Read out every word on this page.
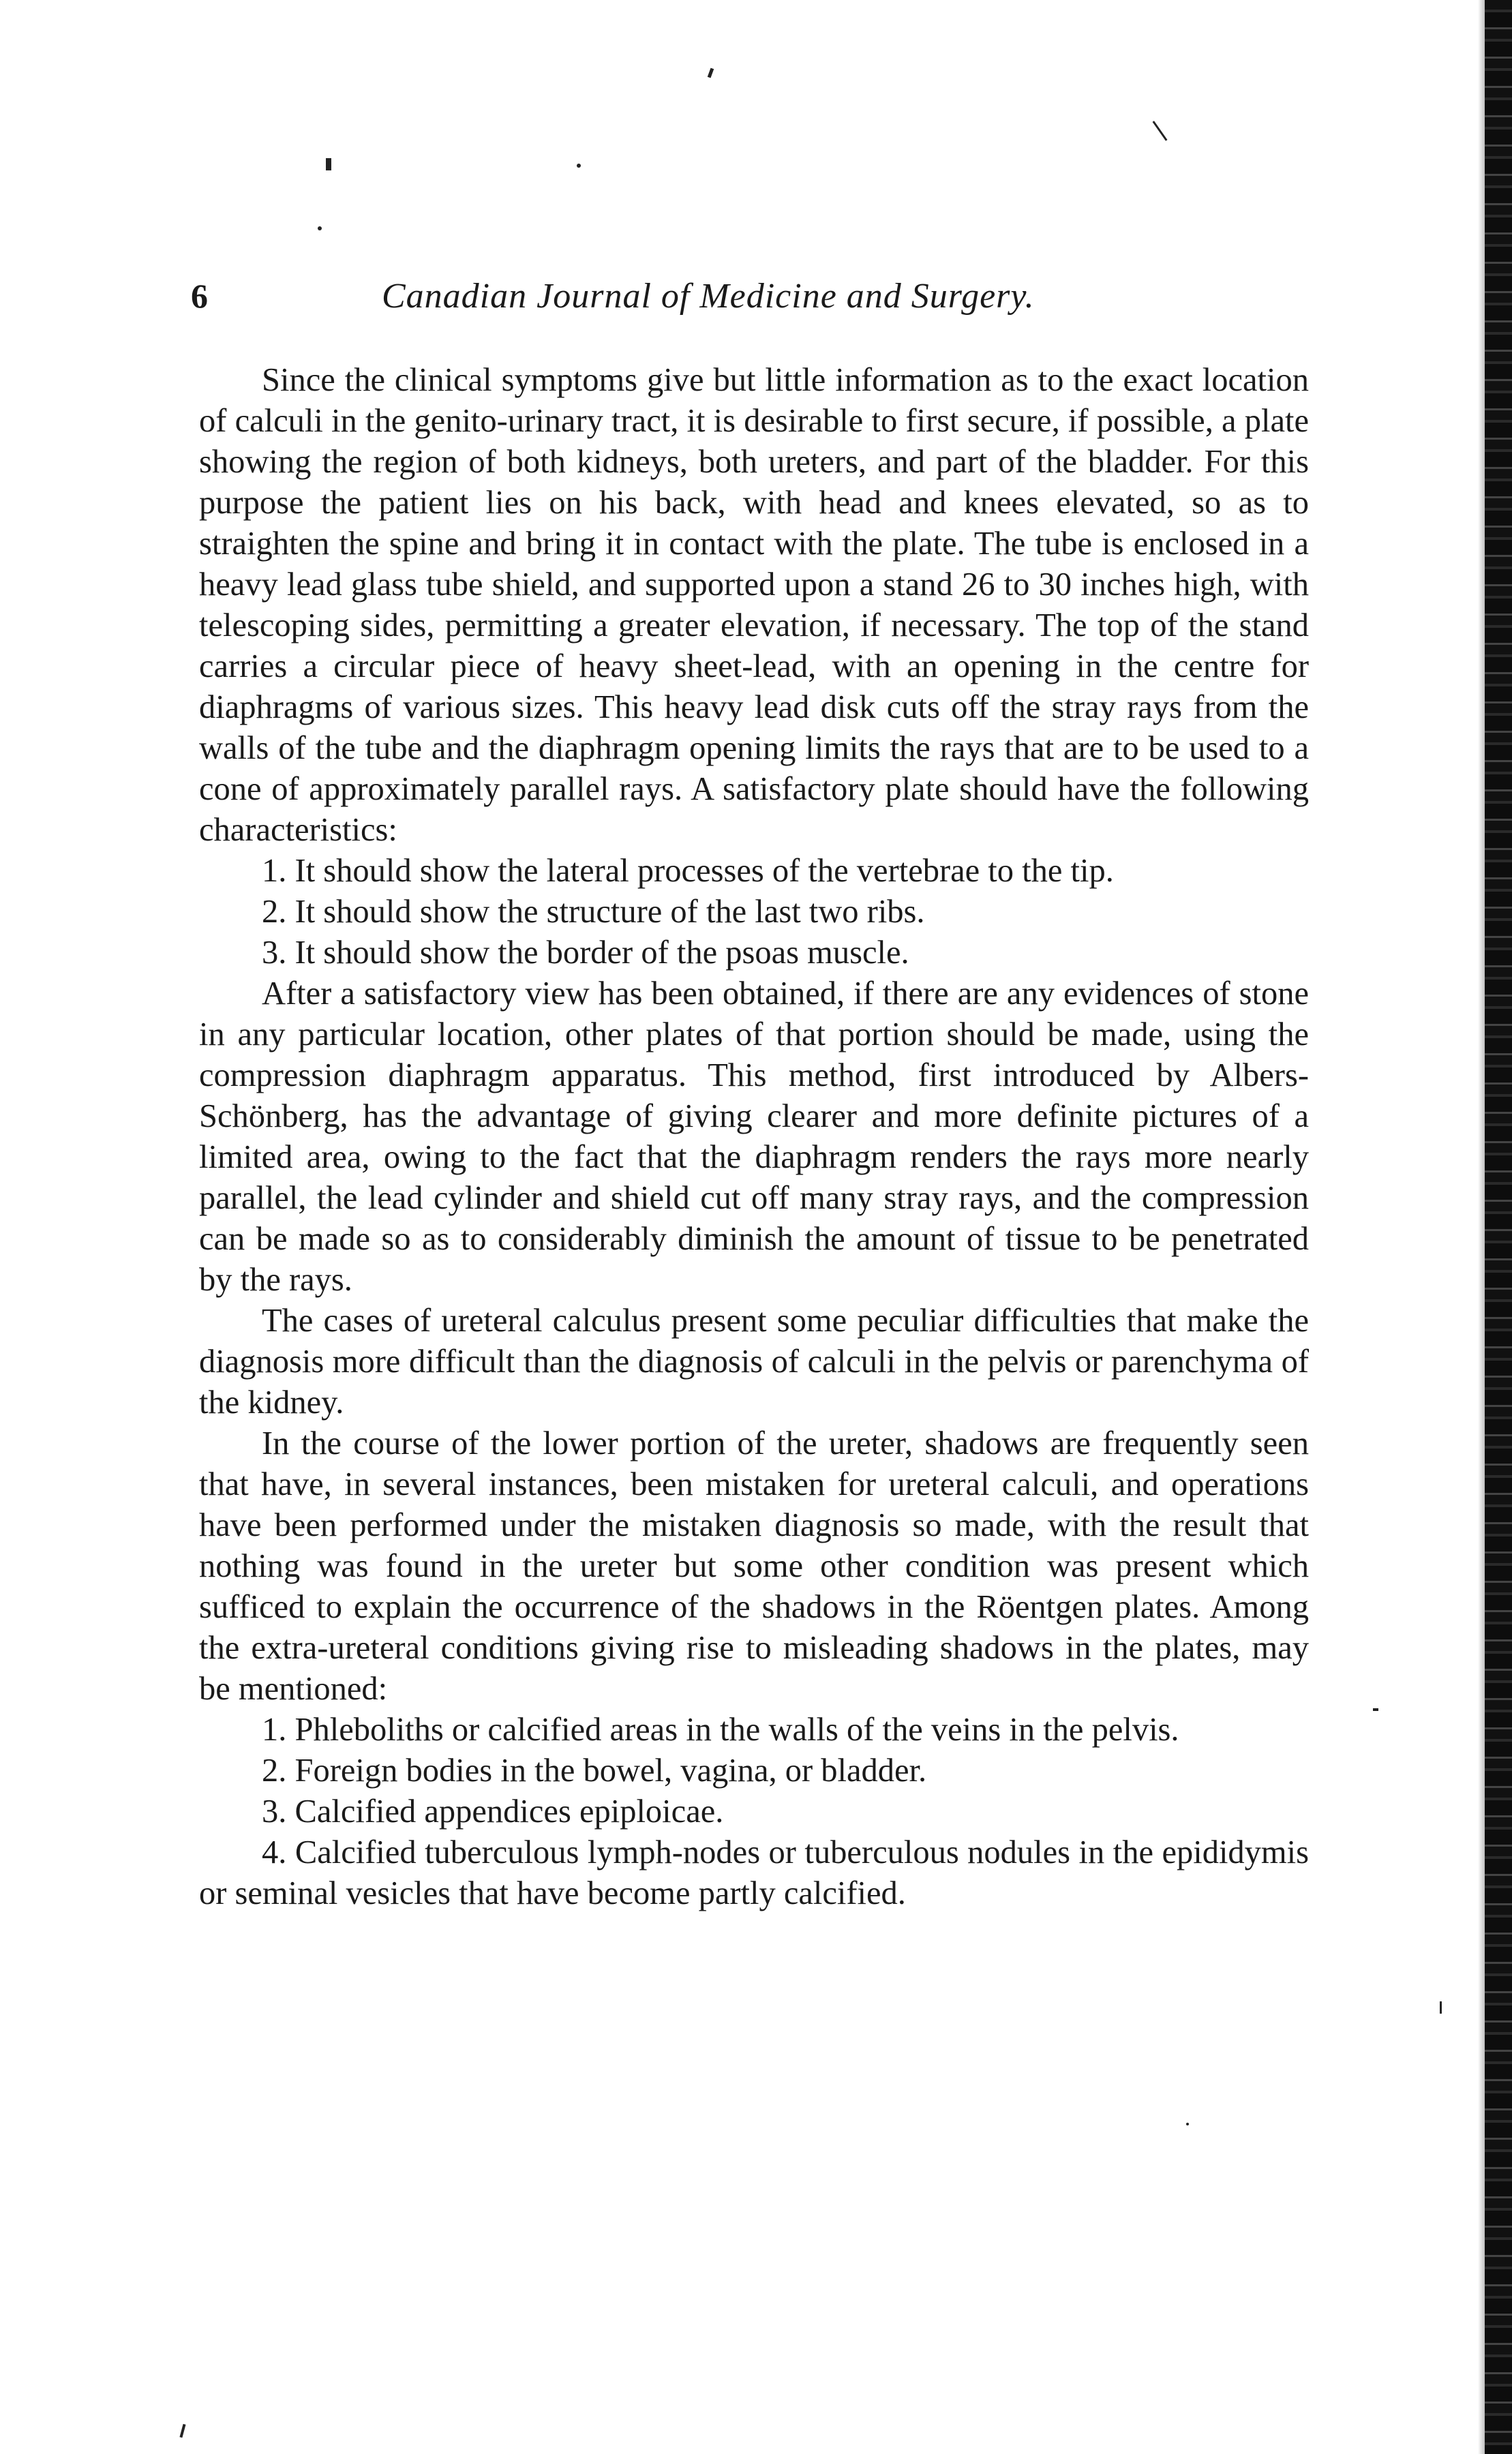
6	Canadian Journal of Medicine and Surgery.

Since the clinical symptoms give but little information as to the exact location of calculi in the genito-urinary tract, it is desirable to first secure, if possible, a plate showing the region of both kidneys, both ureters, and part of the bladder. For this purpose the patient lies on his back, with head and knees elevated, so as to straighten the spine and bring it in contact with the plate. The tube is enclosed in a heavy lead glass tube shield, and supported upon a stand 26 to 30 inches high, with telescoping sides, permitting a greater elevation, if necessary. The top of the stand carries a circular piece of heavy sheet-lead, with an opening in the centre for diaphragms of various sizes. This heavy lead disk cuts off the stray rays from the walls of the tube and the diaphragm opening limits the rays that are to be used to a cone of approximately parallel rays. A satisfactory plate should have the following characteristics:

1. It should show the lateral processes of the vertebrae to the tip.

2. It should show the structure of the last two ribs.

3. It should show the border of the psoas muscle.

After a satisfactory view has been obtained, if there are any evidences of stone in any particular location, other plates of that portion should be made, using the compression diaphragm apparatus. This method, first introduced by Albers-Schönberg, has the advantage of giving clearer and more definite pictures of a limited area, owing to the fact that the diaphragm renders the rays more nearly parallel, the lead cylinder and shield cut off many stray rays, and the compression can be made so as to considerably diminish the amount of tissue to be penetrated by the rays.

The cases of ureteral calculus present some peculiar difficulties that make the diagnosis more difficult than the diagnosis of calculi in the pelvis or parenchyma of the kidney.

In the course of the lower portion of the ureter, shadows are frequently seen that have, in several instances, been mistaken for ureteral calculi, and operations have been performed under the mistaken diagnosis so made, with the result that nothing was found in the ureter but some other condition was present which sufficed to explain the occurrence of the shadows in the Röentgen plates. Among the extra-ureteral conditions giving rise to misleading shadows in the plates, may be mentioned:

1. Phleboliths or calcified areas in the walls of the veins in the pelvis.

2. Foreign bodies in the bowel, vagina, or bladder.

3. Calcified appendices epiploicae.

4. Calcified tuberculous lymph-nodes or tuberculous nodules in the epididymis or seminal vesicles that have become partly calcified.
